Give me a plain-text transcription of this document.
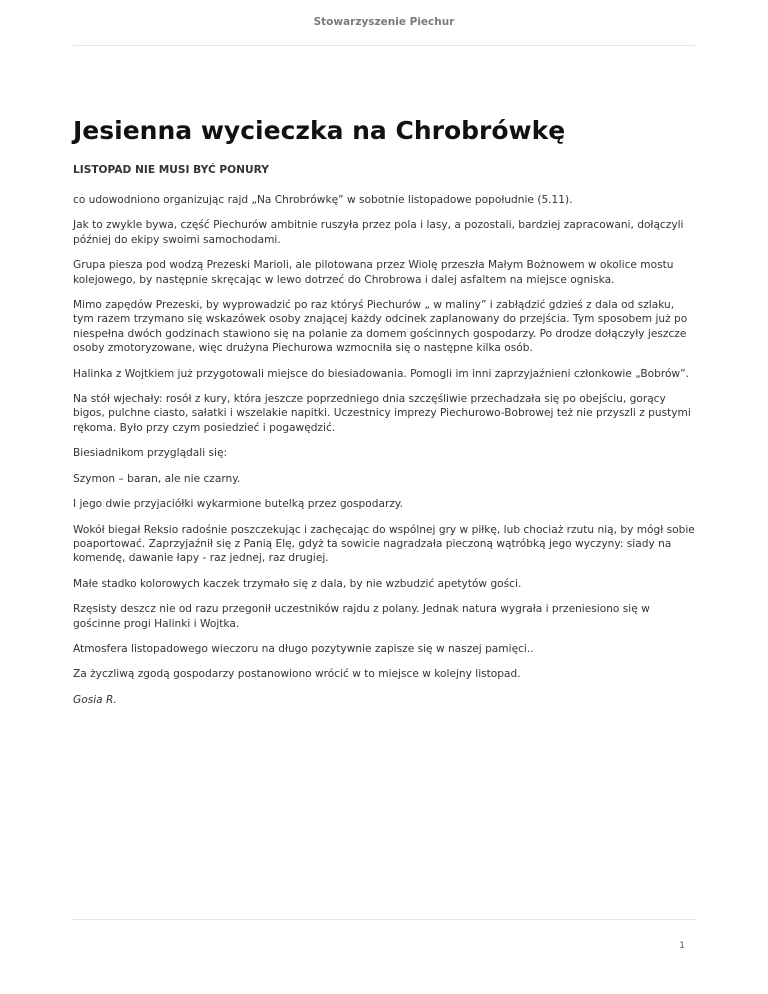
Stowarzyszenie Piechur
Jesienna wycieczka na Chrobrówkę
LISTOPAD NIE MUSI BYĆ PONURY

co udowodniono organizując rajd „Na Chrobrówkę” w sobotnie listopadowe popołudnie (5.11).

Jak to zwykle bywa, część Piechurów ambitnie ruszyła przez pola i lasy, a pozostali, bardziej zapracowani, dołączyli później do ekipy swoimi samochodami.

Grupa piesza pod wodzą Prezeski Marioli, ale pilotowana przez Wiolę przeszła Małym Bożnowem w okolice mostu kolejowego, by następnie skręcając w lewo dotrzeć do Chrobrowa i dalej asfaltem na miejsce ogniska.

Mimo zapędów Prezeski, by wyprowadzić po raz któryś Piechurów „ w maliny” i zabłądzić gdzieś z dala od szlaku, tym razem trzymano się wskazówek osoby znającej każdy odcinek zaplanowany do przejścia. Tym sposobem już po niespełna dwóch godzinach stawiono się na polanie za domem gościnnych gospodarzy. Po drodze dołączyły jeszcze osoby zmotoryzowane, więc drużyna Piechurowa wzmocniła się o następne kilka osób.

Halinka z Wojtkiem już przygotowali miejsce do biesiadowania. Pomogli im inni zaprzyjaźnieni członkowie „Bobrów”.

Na stół wjechały: rosół z kury, która jeszcze poprzedniego dnia szczęśliwie przechadzała się po obejściu, gorący bigos, pulchne ciasto, sałatki i wszelakie napitki. Uczestnicy imprezy Piechurowo-Bobrowej też nie przyszli z pustymi rękoma. Było przy czym posiedzieć i pogawędzić.

Biesiadnikom przyglądali się:

Szymon – baran, ale nie czarny.

I jego dwie przyjaciółki wykarmione butelką przez gospodarzy.

Wokół biegał Reksio radośnie poszczekując i zachęcając do wspólnej gry w piłkę, lub chociaż rzutu nią, by mógł sobie poaportować. Zaprzyjaźnił się z Panią Elę, gdyż ta sowicie nagradzała pieczoną wątróbką jego wyczyny: siady na komendę, dawanie łapy - raz jednej, raz drugiej.

Małe stadko kolorowych kaczek trzymało się z dala, by nie wzbudzić apetytów gości.

Rzęsisty deszcz nie od razu przegonił uczestników rajdu z polany. Jednak natura wygrała i przeniesiono się w gościnne progi Halinki i Wojtka.

Atmosfera listopadowego wieczoru na długo pozytywnie zapisze się w naszej pamięci..

Za życzliwą zgodą gospodarzy postanowiono wrócić w to miejsce w kolejny listopad.

Gosia R.

1
